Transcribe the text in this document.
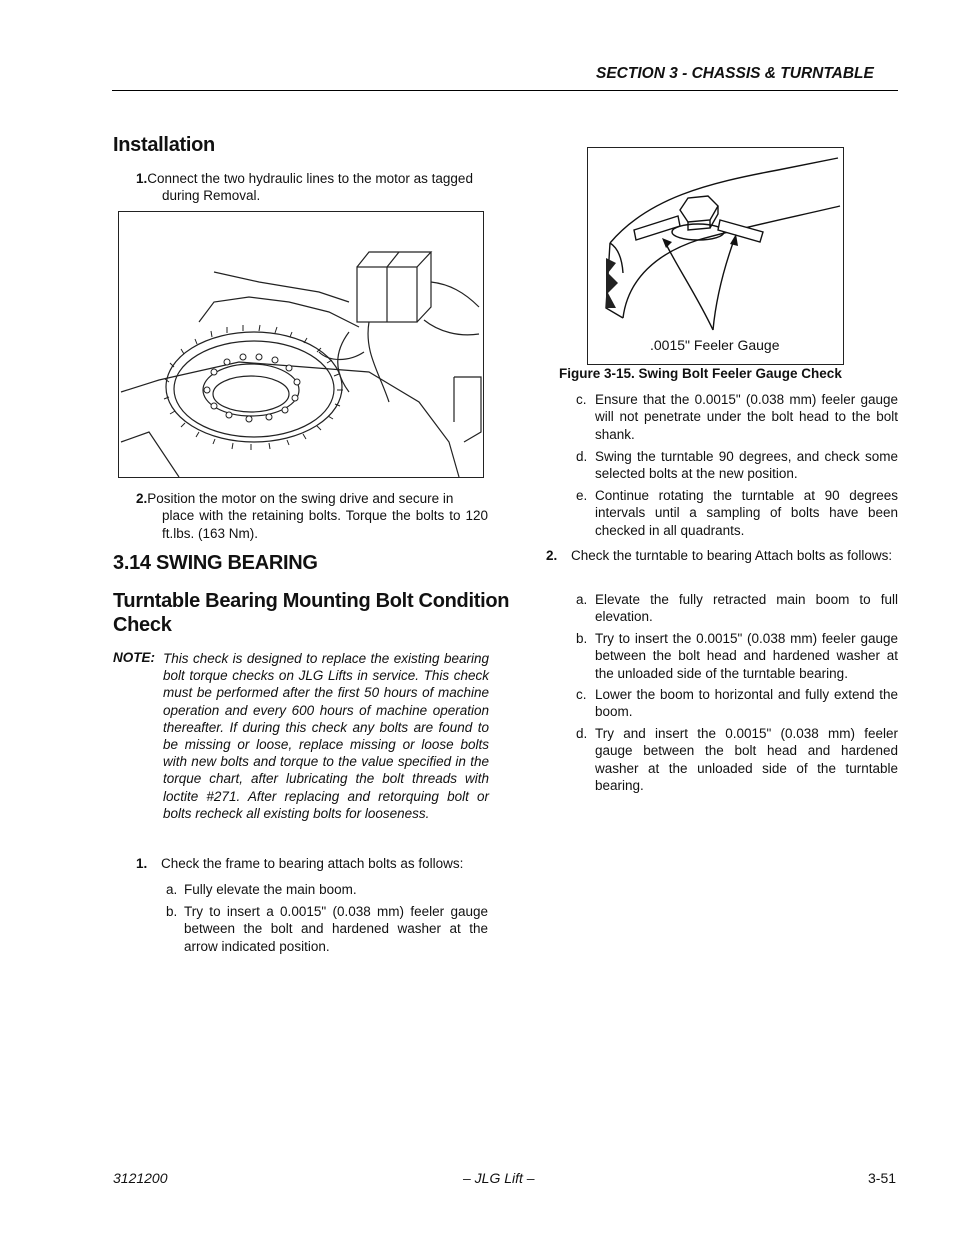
SECTION 3 - CHASSIS & TURNTABLE
Installation
1.Connect the two hydraulic lines to the motor as tagged
during Removal.
2.Position the motor on the swing drive and secure in
place with the retaining bolts. Torque the bolts to 120 ft.lbs. (163 Nm).
3.14 SWING BEARING
Turntable Bearing Mounting Bolt Condition
Check
NOTE: This check is designed to replace the existing bearing bolt torque checks on JLG Lifts in service. This check must be performed after the first 50 hours of machine operation and every 600 hours of machine operation thereafter. If during this check any bolts are found to be missing or loose, replace missing or loose bolts with new bolts and torque to the value specified in the torque chart, after lubricating the bolt threads with loctite #271. After replacing and retorquing bolt or bolts recheck all existing bolts for looseness.
1. Check the frame to bearing attach bolts as follows:
a. Fully elevate the main boom.
b. Try to insert a 0.0015" (0.038 mm) feeler gauge between the bolt and hardened washer at the arrow indicated position.
.0015" Feeler Gauge
Figure 3-15. Swing Bolt Feeler Gauge Check
c. Ensure that the 0.0015" (0.038 mm) feeler gauge will not penetrate under the bolt head to the bolt shank.
d. Swing the turntable 90 degrees, and check some selected bolts at the new position.
e. Continue rotating the turntable at 90 degrees intervals until a sampling of bolts have been checked in all quadrants.
2.	Check the turntable to bearing Attach bolts as follows:
a. Elevate the fully retracted main boom to full elevation.
b. Try to insert the 0.0015" (0.038 mm) feeler gauge between the bolt head and hardened washer at the unloaded side of the turntable bearing.
c. Lower the boom to horizontal and fully extend the boom.
d. Try and insert the 0.0015" (0.038 mm) feeler gauge between the bolt head and hardened washer at the unloaded side of the turntable bearing.
3121200	– JLG Lift –	3-51
